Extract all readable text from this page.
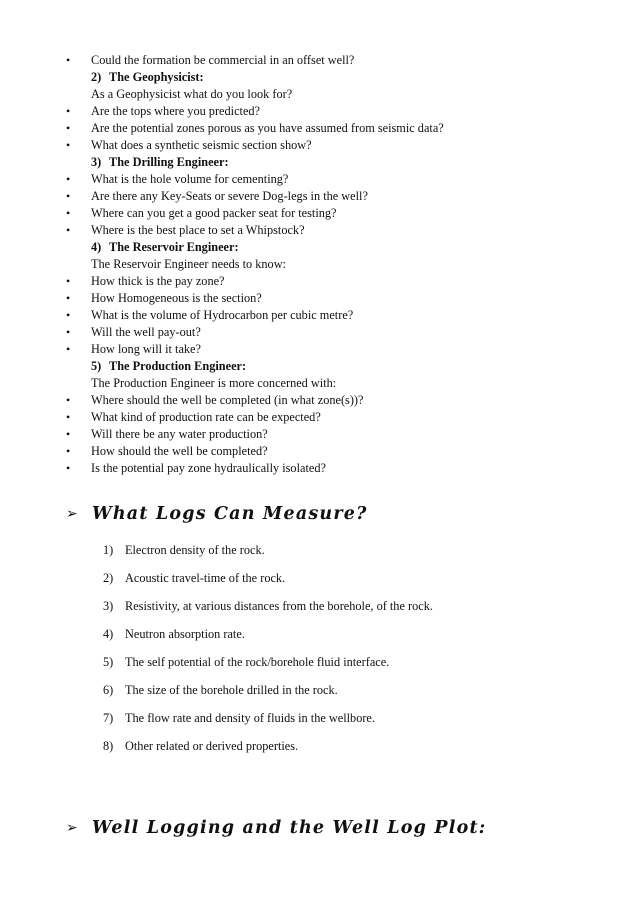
• Could the formation be commercial in an offset well?
2) The Geophysicist:
As a Geophysicist what do you look for?
• Are the tops where you predicted?
• Are the potential zones porous as you have assumed from seismic data?
• What does a synthetic seismic section show?
3) The Drilling Engineer:
• What is the hole volume for cementing?
• Are there any Key-Seats or severe Dog-legs in the well?
• Where can you get a good packer seat for testing?
• Where is the best place to set a Whipstock?
4) The Reservoir Engineer:
The Reservoir Engineer needs to know:
• How thick is the pay zone?
• How Homogeneous is the section?
• What is the volume of Hydrocarbon per cubic metre?
• Will the well pay-out?
• How long will it take?
5) The Production Engineer:
The Production Engineer is more concerned with:
• Where should the well be completed (in what zone(s))?
• What kind of production rate can be expected?
• Will there be any water production?
• How should the well be completed?
• Is the potential pay zone hydraulically isolated?
➢ What Logs Can Measure?
1) Electron density of the rock.
2) Acoustic travel-time of the rock.
3) Resistivity, at various distances from the borehole, of the rock.
4) Neutron absorption rate.
5) The self potential of the rock/borehole fluid interface.
6) The size of the borehole drilled in the rock.
7) The flow rate and density of fluids in the wellbore.
8) Other related or derived properties.
➢ Well Logging and the Well Log Plot:
